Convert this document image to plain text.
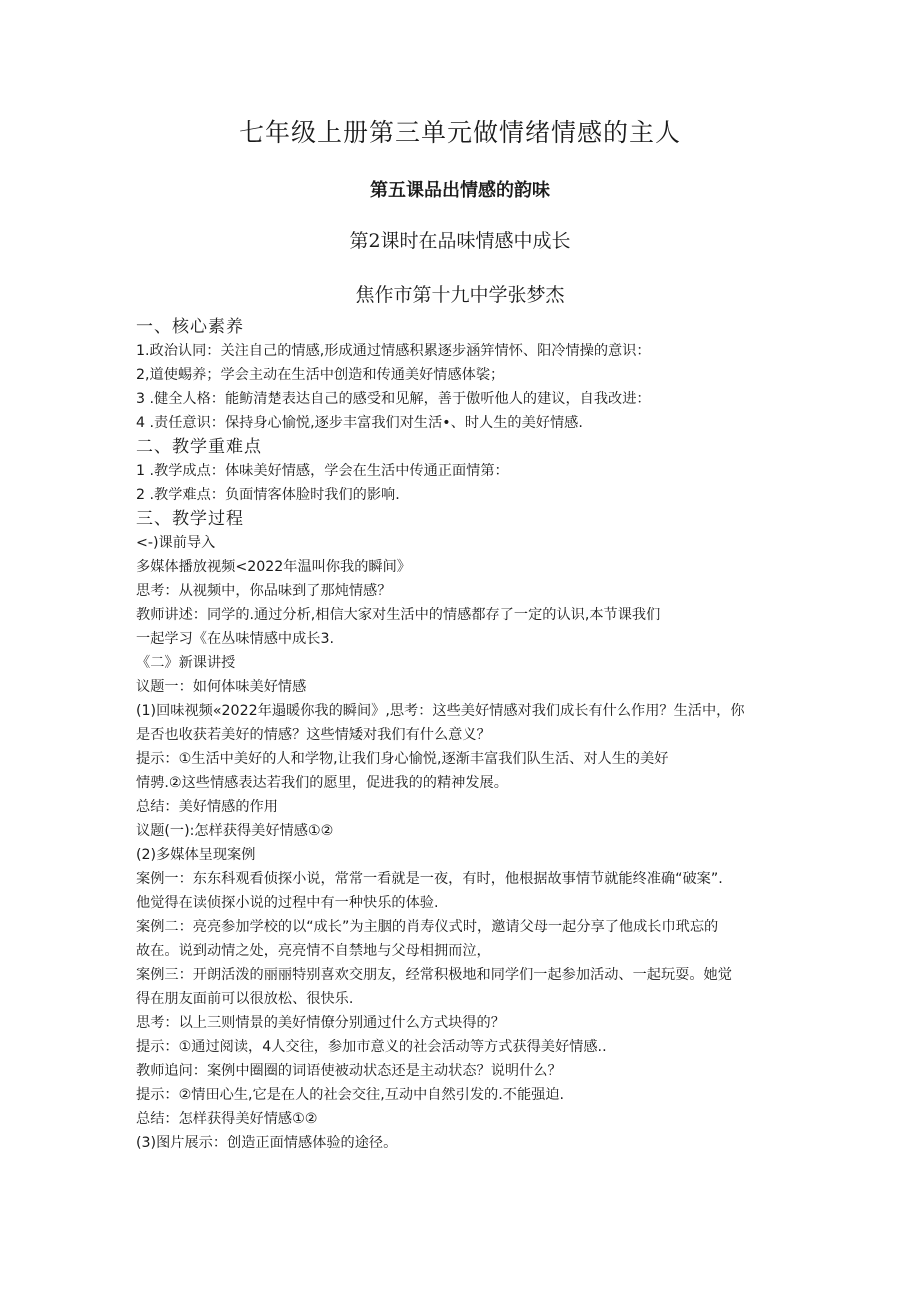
七年级上册第三单元做情绪情感的主人
第五课品出情感的韵味
第2课时在品味情感中成长
焦作市第十九中学张梦杰
一、核心素养
1.政治认同：关注自己的情感,形成通过情感积累逐步涵笄情怀、阳冷情操的意识：
2,道使蜴养；学会主动在生活中创造和传通美好情感体裟；
3 .健全人格：能鲂清楚表达自己的感受和见解，善于傲听他人的建议，自我改进：
4 .责任意识：保持身心愉悦,逐步丰富我们对生活•、时人生的美好情感.
二、教学重难点
1 .教学成点：体味美好情感，学会在生活中传通正面情第：
2 .教学难点：负面情客体脸时我们的影响.
三、教学过程
<-)课前导入
多媒体播放视频<2022年温叫你我的瞬间》
思考：从视频中，你品味到了那炖情感？
教师讲述：同学的.通过分析,相信大家对生活中的情感都存了一定的认识,本节课我们
一起学习《在丛味情感中成长3.
《二》新课讲授
议题一：如何体味美好情感
(1)回味视频«2022年遢暖你我的瞬间》,思考：这些美好情感对我们成长有什么作用？生活中，你
是否也收获若美好的情感？这些情矮对我们有什么意义？
提示：①生活中美好的人和学物,让我们身心愉悦,逐渐丰富我们队生活、对人生的美好
情骋.②这些情感表达若我们的愿里，促进我的的精神发展。
总结：美好情感的作用
议题(一):怎样获得美好情感①②
(2)多媒体呈现案例
案例一：东东科观看侦探小说，常常一看就是一夜，有时，他根据故事情节就能终准确“破案”.
他觉得在读侦探小说的过程中有一种快乐的体验.
案例二：亮亮参加学校的以“成长”为主胭的肖寿仪式时，邀请父母一起分享了他成长巾玳忘的
故在。说到动情之处，亮亮情不自禁地与父母相拥而泣，
案例三：开朗活泼的丽丽特别喜欢交朋友，经常积极地和同学们一起参加活动、一起玩耍。她觉
得在朋友面前可以很放松、很快乐.
思考：以上三则情景的美好情僚分别通过什么方式块得的？
提示：①通过阅读，4人交往，参加市意义的社会活动等方式获得美好情感..
教师追问：案例中圈圈的词语使被动状态还是主动状态？说明什么？
提示：②情田心生,它是在人的社会交往,互动中自然引发的.不能强迫.
总结：怎样获得美好情感①②
(3)图片展示：创造正面情感体验的途径。
